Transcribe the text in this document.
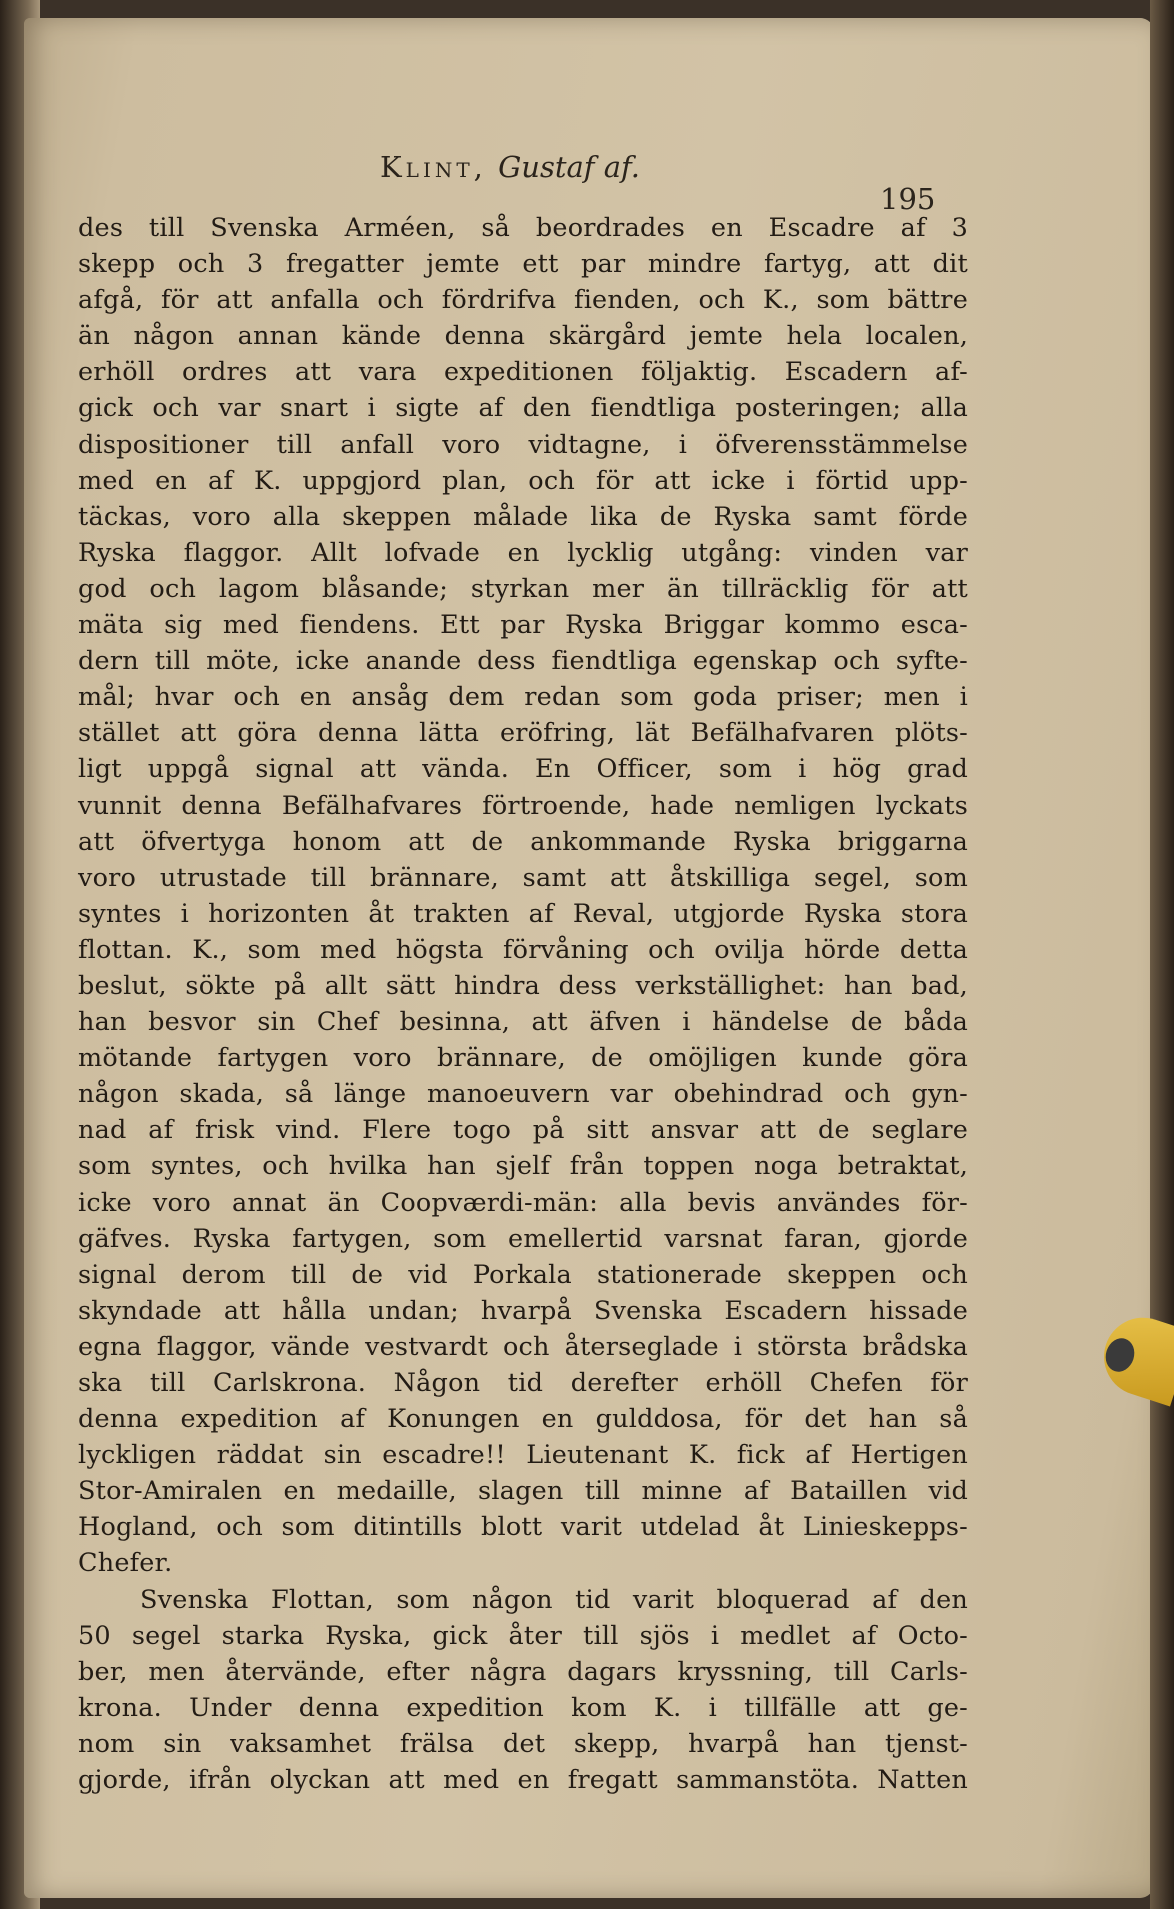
Klint, Gustaf af.
195
des till Svenska Arméen, så beordrades en Escadre af 3
skepp och 3 fregatter jemte ett par mindre fartyg, att dit
afgå, för att anfalla och fördrifva fienden, och K., som bättre
än någon annan kände denna skärgård jemte hela localen,
erhöll ordres att vara expeditionen följaktig. Escadern af-
gick och var snart i sigte af den fiendtliga posteringen; alla
dispositioner till anfall voro vidtagne, i öfverensstämmelse
med en af K. uppgjord plan, och för att icke i förtid upp-
täckas, voro alla skeppen målade lika de Ryska samt förde
Ryska flaggor. Allt lofvade en lycklig utgång: vinden var
god och lagom blåsande; styrkan mer än tillräcklig för att
mäta sig med fiendens. Ett par Ryska Briggar kommo esca-
dern till möte, icke anande dess fiendtliga egenskap och syfte-
mål; hvar och en ansåg dem redan som goda priser; men i
stället att göra denna lätta eröfring, lät Befälhafvaren plöts-
ligt uppgå signal att vända. En Officer, som i hög grad
vunnit denna Befälhafvares förtroende, hade nemligen lyckats
att öfvertyga honom att de ankommande Ryska briggarna
voro utrustade till brännare, samt att åtskilliga segel, som
syntes i horizonten åt trakten af Reval, utgjorde Ryska stora
flottan. K., som med högsta förvåning och ovilja hörde detta
beslut, sökte på allt sätt hindra dess verkställighet: han bad,
han besvor sin Chef besinna, att äfven i händelse de båda
mötande fartygen voro brännare, de omöjligen kunde göra
någon skada, så länge manoeuvern var obehindrad och gyn-
nad af frisk vind. Flere togo på sitt ansvar att de seglare
som syntes, och hvilka han sjelf från toppen noga betraktat,
icke voro annat än Coopværdi-män: alla bevis användes för-
gäfves. Ryska fartygen, som emellertid varsnat faran, gjorde
signal derom till de vid Porkala stationerade skeppen och
skyndade att hålla undan; hvarpå Svenska Escadern hissade
egna flaggor, vände vestvardt och återseglade i största brådska
ska till Carlskrona. Någon tid derefter erhöll Chefen för
denna expedition af Konungen en gulddosa, för det han så
lyckligen räddat sin escadre!! Lieutenant K. fick af Hertigen
Stor-Amiralen en medaille, slagen till minne af Bataillen vid
Hogland, och som ditintills blott varit utdelad åt Linieskepps-
Chefer.
Svenska Flottan, som någon tid varit bloquerad af den
50 segel starka Ryska, gick åter till sjös i medlet af Octo-
ber, men återvände, efter några dagars kryssning, till Carls-
krona. Under denna expedition kom K. i tillfälle att ge-
nom sin vaksamhet frälsa det skepp, hvarpå han tjenst-
gjorde, ifrån olyckan att med en fregatt sammanstöta. Natten
